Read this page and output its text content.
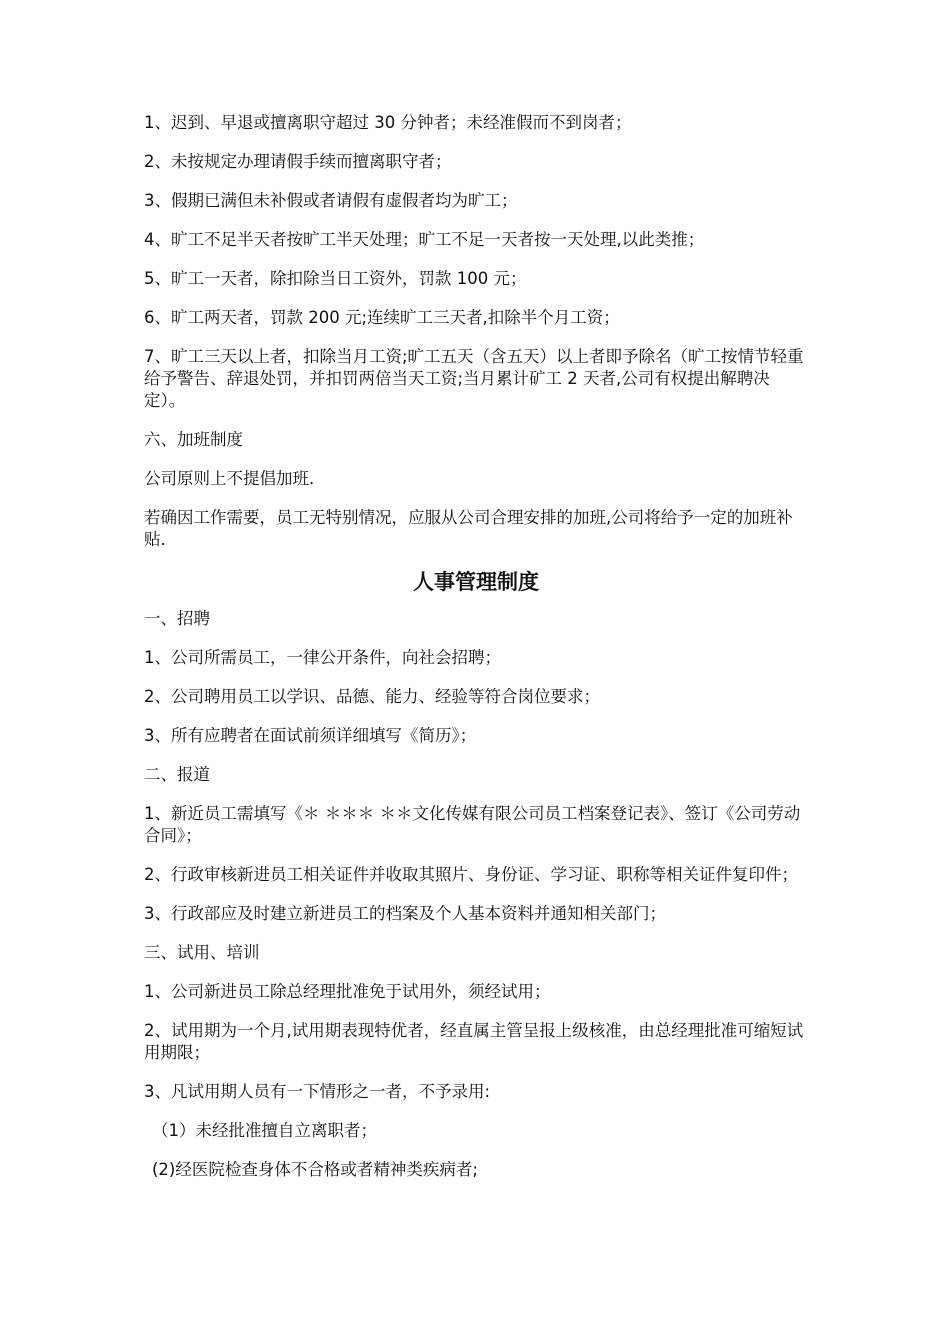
1、迟到、早退或擅离职守超过 30 分钟者；未经准假而不到岗者；

2、未按规定办理请假手续而擅离职守者；

3、假期已满但未补假或者请假有虚假者均为旷工；

4、旷工不足半天者按旷工半天处理；旷工不足一天者按一天处理,以此类推；

5、旷工一天者，除扣除当日工资外，罚款 100 元；

6、旷工两天者，罚款 200 元;连续旷工三天者,扣除半个月工资；

7、旷工三天以上者，扣除当月工资;旷工五天（含五天）以上者即予除名（旷工按情节轻重给予警告、辞退处罚，并扣罚两倍当天工资;当月累计矿工 2 天者,公司有权提出解聘决定）。

六、加班制度

公司原则上不提倡加班.

若确因工作需要，员工无特别情况，应服从公司合理安排的加班,公司将给予一定的加班补贴.

人事管理制度

一、招聘

1、公司所需员工，一律公开条件，向社会招聘；

2、公司聘用员工以学识、品德、能力、经验等符合岗位要求；

3、所有应聘者在面试前须详细填写《简历》；

二、报道

1、新近员工需填写《＊ ＊＊＊ ＊＊文化传媒有限公司员工档案登记表》、签订《公司劳动合同》；

2、行政审核新进员工相关证件并收取其照片、身份证、学习证、职称等相关证件复印件；

3、行政部应及时建立新进员工的档案及个人基本资料并通知相关部门；

三、试用、培训

1、公司新进员工除总经理批准免于试用外，须经试用；

2、试用期为一个月,试用期表现特优者，经直属主管呈报上级核准，由总经理批准可缩短试用期限；

3、凡试用期人员有一下情形之一者，不予录用:

（1）未经批准擅自立离职者；

(2)经医院检查身体不合格或者精神类疾病者;
